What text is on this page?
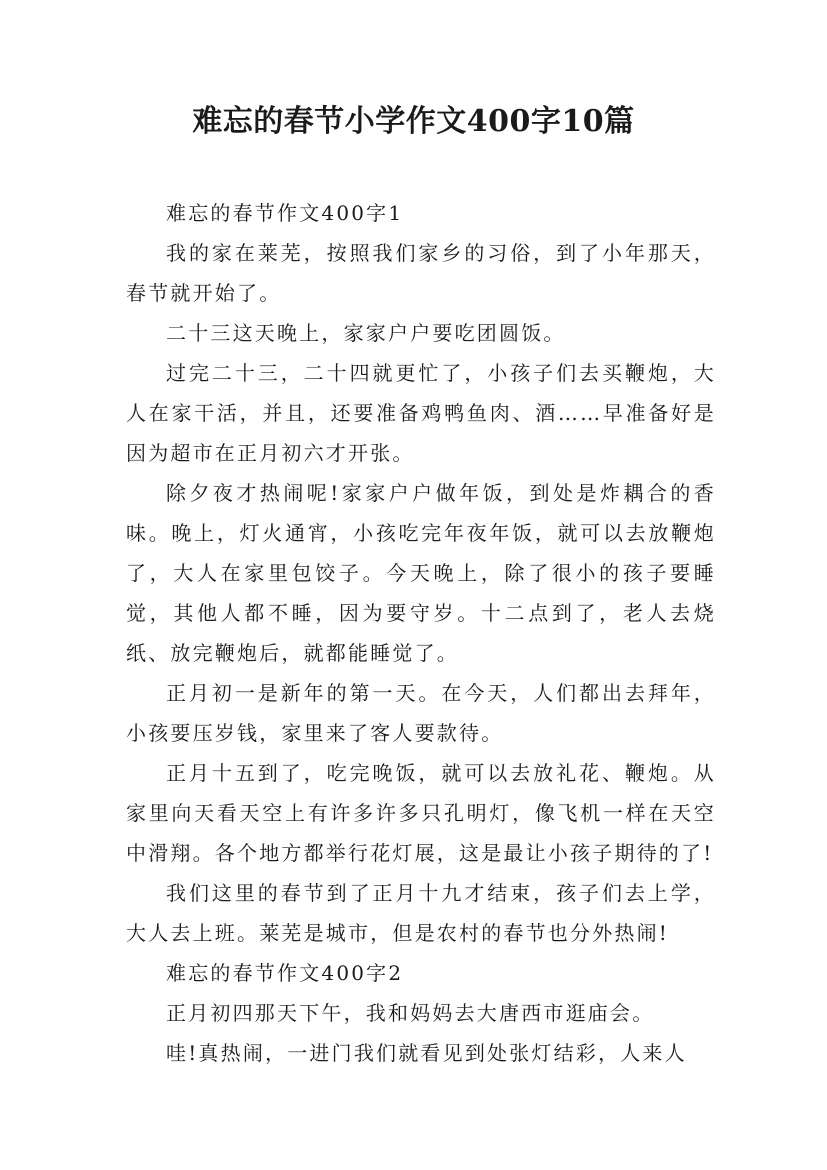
难忘的春节小学作文400字10篇

难忘的春节作文400字1

我的家在莱芜，按照我们家乡的习俗，到了小年那天，春节就开始了。

二十三这天晚上，家家户户要吃团圆饭。

过完二十三，二十四就更忙了，小孩子们去买鞭炮，大人在家干活，并且，还要准备鸡鸭鱼肉、酒……早准备好是因为超市在正月初六才开张。

除夕夜才热闹呢!家家户户做年饭，到处是炸耦合的香味。晚上，灯火通宵，小孩吃完年夜年饭，就可以去放鞭炮了，大人在家里包饺子。今天晚上，除了很小的孩子要睡觉，其他人都不睡，因为要守岁。十二点到了，老人去烧纸、放完鞭炮后，就都能睡觉了。

正月初一是新年的第一天。在今天，人们都出去拜年，小孩要压岁钱，家里来了客人要款待。

正月十五到了，吃完晚饭，就可以去放礼花、鞭炮。从家里向天看天空上有许多许多只孔明灯，像飞机一样在天空中滑翔。各个地方都举行花灯展，这是最让小孩子期待的了!

我们这里的春节到了正月十九才结束，孩子们去上学，大人去上班。莱芜是城市，但是农村的春节也分外热闹!

难忘的春节作文400字2

正月初四那天下午，我和妈妈去大唐西市逛庙会。

哇!真热闹，一进门我们就看见到处张灯结彩，人来人
